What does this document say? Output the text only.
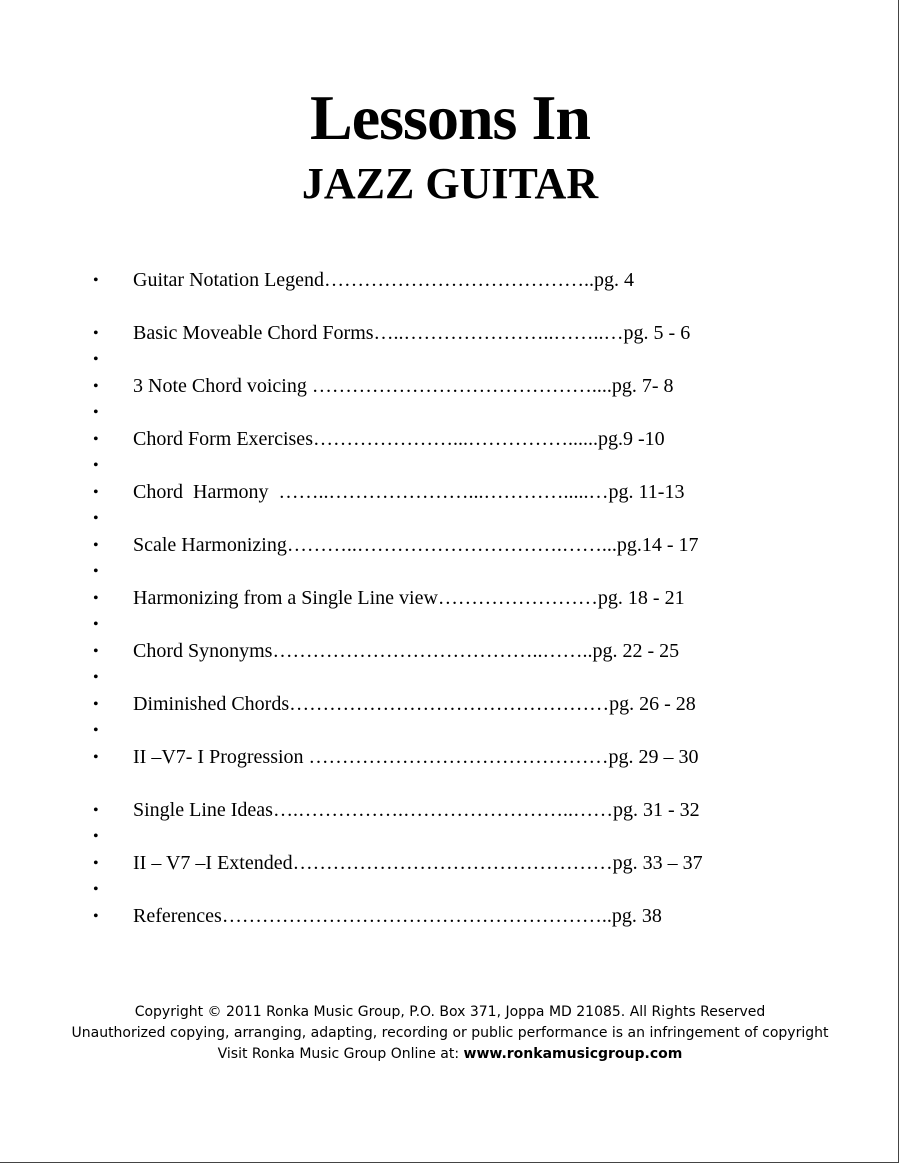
Lessons In
JAZZ GUITAR
• Guitar Notation Legend…………………………………..pg. 4
• Basic Moveable Chord Forms…..…………………..……..…pg. 5 - 6
• 3 Note Chord voicing ……………………………………....pg. 7- 8
• Chord Form Exercises…………………...……………......pg.9 -10
• Chord  Harmony  ……..…………………...………….....…pg. 11-13
• Scale Harmonizing………..………………………….……...pg.14 - 17
• Harmonizing from a Single Line view……………………pg. 18 - 21
• Chord Synonyms…………………………………..……..pg. 22 - 25
• Diminished Chords…………………………………………pg. 26 - 28
• II –V7- I Progression ………………………………………pg. 29 – 30
• Single Line Ideas….…………….……………………..……pg. 31 - 32
• II – V7 –I Extended…………………………………………pg. 33 – 37
• References…………………………………………………..pg. 38
•
•
•
•
•
•
•
•
•
•
Copyright © 2011 Ronka Music Group, P.O. Box 371, Joppa MD 21085. All Rights Reserved
Unauthorized copying, arranging, adapting, recording or public performance is an infringement of copyright
Visit Ronka Music Group Online at: www.ronkamusicgroup.com
